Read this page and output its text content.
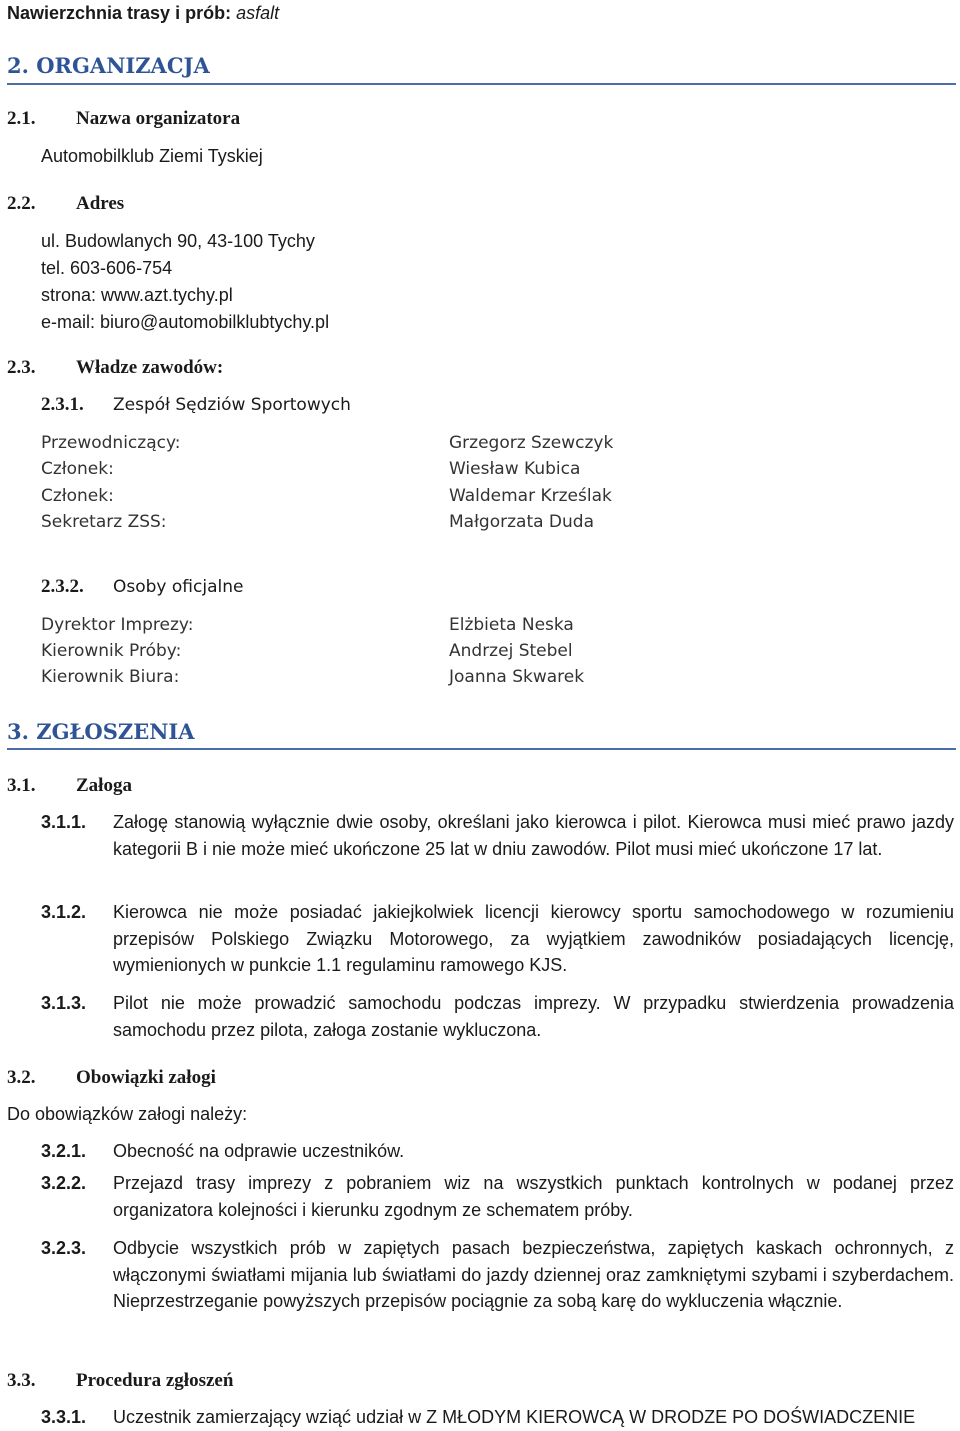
Nawierzchnia trasy i prób: asfalt
2. ORGANIZACJA
2.1. Nazwa organizatora
Automobilklub Ziemi Tyskiej
2.2. Adres
ul. Budowlanych 90, 43-100 Tychy
tel. 603-606-754
strona: www.azt.tychy.pl
e-mail: biuro@automobilklubtychy.pl
2.3. Władze zawodów:
2.3.1. Zespół Sędziów Sportowych
Przewodniczący:	Grzegorz Szewczyk
Członek:	Wiesław Kubica
Członek:	Waldemar Krześlak
Sekretarz ZSS:	Małgorzata Duda
2.3.2. Osoby oficjalne
Dyrektor Imprezy:	Elżbieta Neska
Kierownik Próby:	Andrzej Stebel
Kierownik Biura:	Joanna Skwarek
3. ZGŁOSZENIA
3.1. Załoga
3.1.1. Załogę stanowią wyłącznie dwie osoby, określani jako kierowca i pilot. Kierowca musi mieć prawo jazdy kategorii B i nie może mieć ukończone 25 lat w dniu zawodów. Pilot musi mieć ukończone 17 lat.
3.1.2. Kierowca nie może posiadać jakiejkolwiek licencji kierowcy sportu samochodowego w rozumieniu przepisów Polskiego Związku Motorowego, za wyjątkiem zawodników posiadających licencję, wymienionych w punkcie 1.1 regulaminu ramowego KJS.
3.1.3. Pilot nie może prowadzić samochodu podczas imprezy. W przypadku stwierdzenia prowadzenia samochodu przez pilota, załoga zostanie wykluczona.
3.2. Obowiązki załogi
Do obowiązków załogi należy:
3.2.1. Obecność na odprawie uczestników.
3.2.2. Przejazd trasy imprezy z pobraniem wiz na wszystkich punktach kontrolnych w podanej przez organizatora kolejności i kierunku zgodnym ze schematem próby.
3.2.3. Odbycie wszystkich prób w zapiętych pasach bezpieczeństwa, zapiętych kaskach ochronnych, z włączonymi światłami mijania lub światłami do jazdy dziennej oraz zamkniętymi szybami i szyberdachem. Nieprzestrzeganie powyższych przepisów pociągnie za sobą karę do wykluczenia włącznie.
3.3. Procedura zgłoszeń
3.3.1. Uczestnik zamierzający wziąć udział w Z MŁODYM KIEROWCĄ W DRODZE PO DOŚWIADCZENIE
